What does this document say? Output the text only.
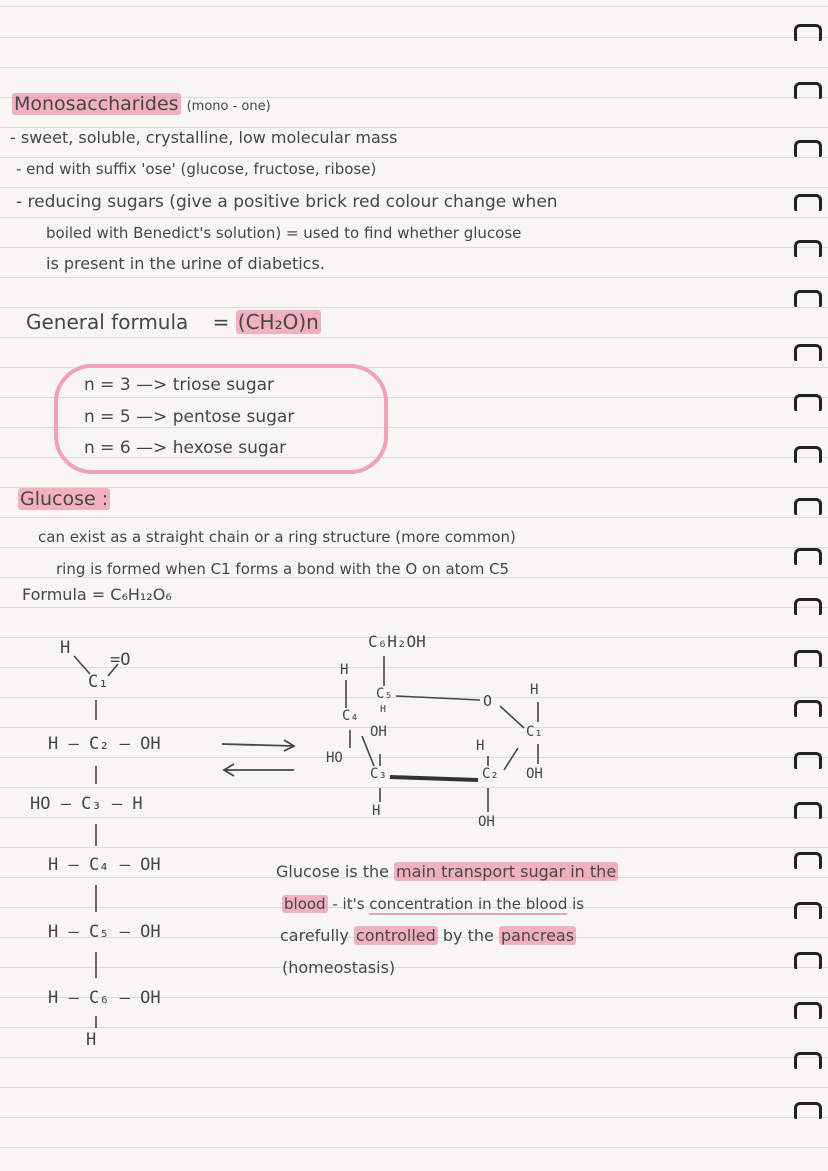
Monosaccharides (mono - one)
- sweet, soluble, crystalline, low molecular mass
- end with suffix 'ose' (glucose, fructose, ribose)
- reducing sugars (give a positive brick red colour change when
boiled with Benedict's solution) = used to find whether glucose
is present in the urine of diabetics.
General formula = (CH₂O)n
n = 3 —> triose sugar
n = 5 —> pentose sugar
n = 6 —> hexose sugar
Glucose :
can exist as a straight chain or a ring structure (more common)
ring is formed when C1 forms a bond with the O on atom C5
Formula = C₆H₁₂O₆
H
=O
C₁
H – C₂ – OH
HO – C₃ – H
H – C₄ – OH
H – C₅ – OH
H – C₆ – OH
H
C₆H₂OH
H
C₅
H
C₄
OH
HO
C₃
H
O
H
C₁
OH
H
C₂
OH
Glucose is the main transport sugar in the
blood - it's concentration in the blood is
carefully controlled by the pancreas
(homeostasis)
